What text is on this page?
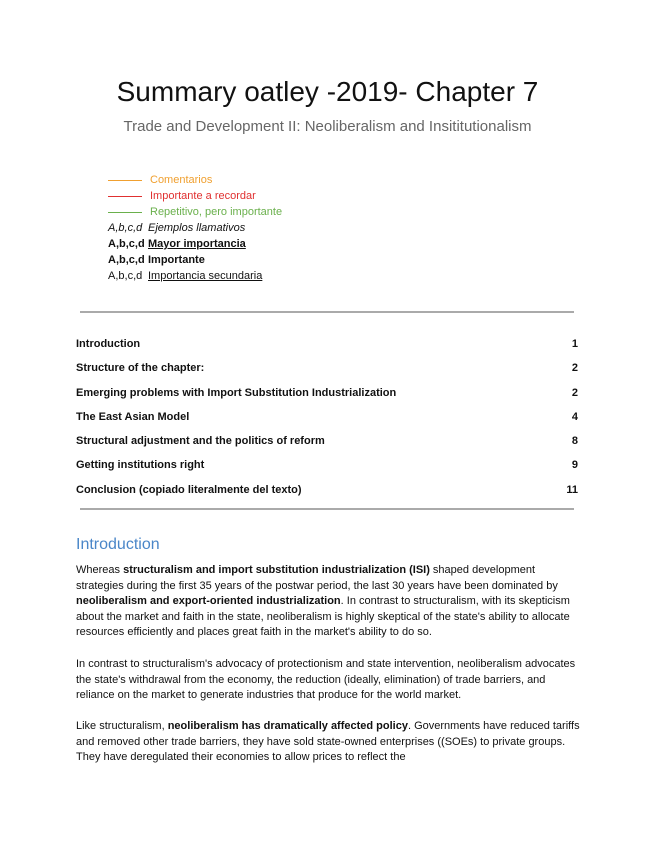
Summary oatley -2019- Chapter 7
Trade and Development II: Neoliberalism and Insititutionalism
Comentarios
Importante a recordar
Repetitivo, pero importante
A,b,c,d Ejemplos llamativos
A,b,c,d Mayor importancia
A,b,c,d Importante
A,b,c,d Importancia secundaria
Introduction	1
Structure of the chapter:	2
Emerging problems with Import Substitution Industrialization	2
The East Asian Model	4
Structural adjustment and the politics of reform	8
Getting institutions right	9
Conclusion (copiado literalmente del texto)	11
Introduction

Whereas structuralism and import substitution industrialization (ISI) shaped development strategies during the first 35 years of the postwar period, the last 30 years have been dominated by neoliberalism and export-oriented industrialization. In contrast to structuralism, with its skepticism about the market and faith in the state, neoliberalism is highly skeptical of the state's ability to allocate resources efficiently and places great faith in the market's ability to do so.

In contrast to structuralism's advocacy of protectionism and state intervention, neoliberalism advocates the state's withdrawal from the economy, the reduction (ideally, elimination) of trade barriers, and reliance on the market to generate industries that produce for the world market.

Like structuralism, neoliberalism has dramatically affected policy. Governments have reduced tariffs and removed other trade barriers, they have sold state-owned enterprises ((SOEs) to private groups. They have deregulated their economies to allow prices to reflect the
